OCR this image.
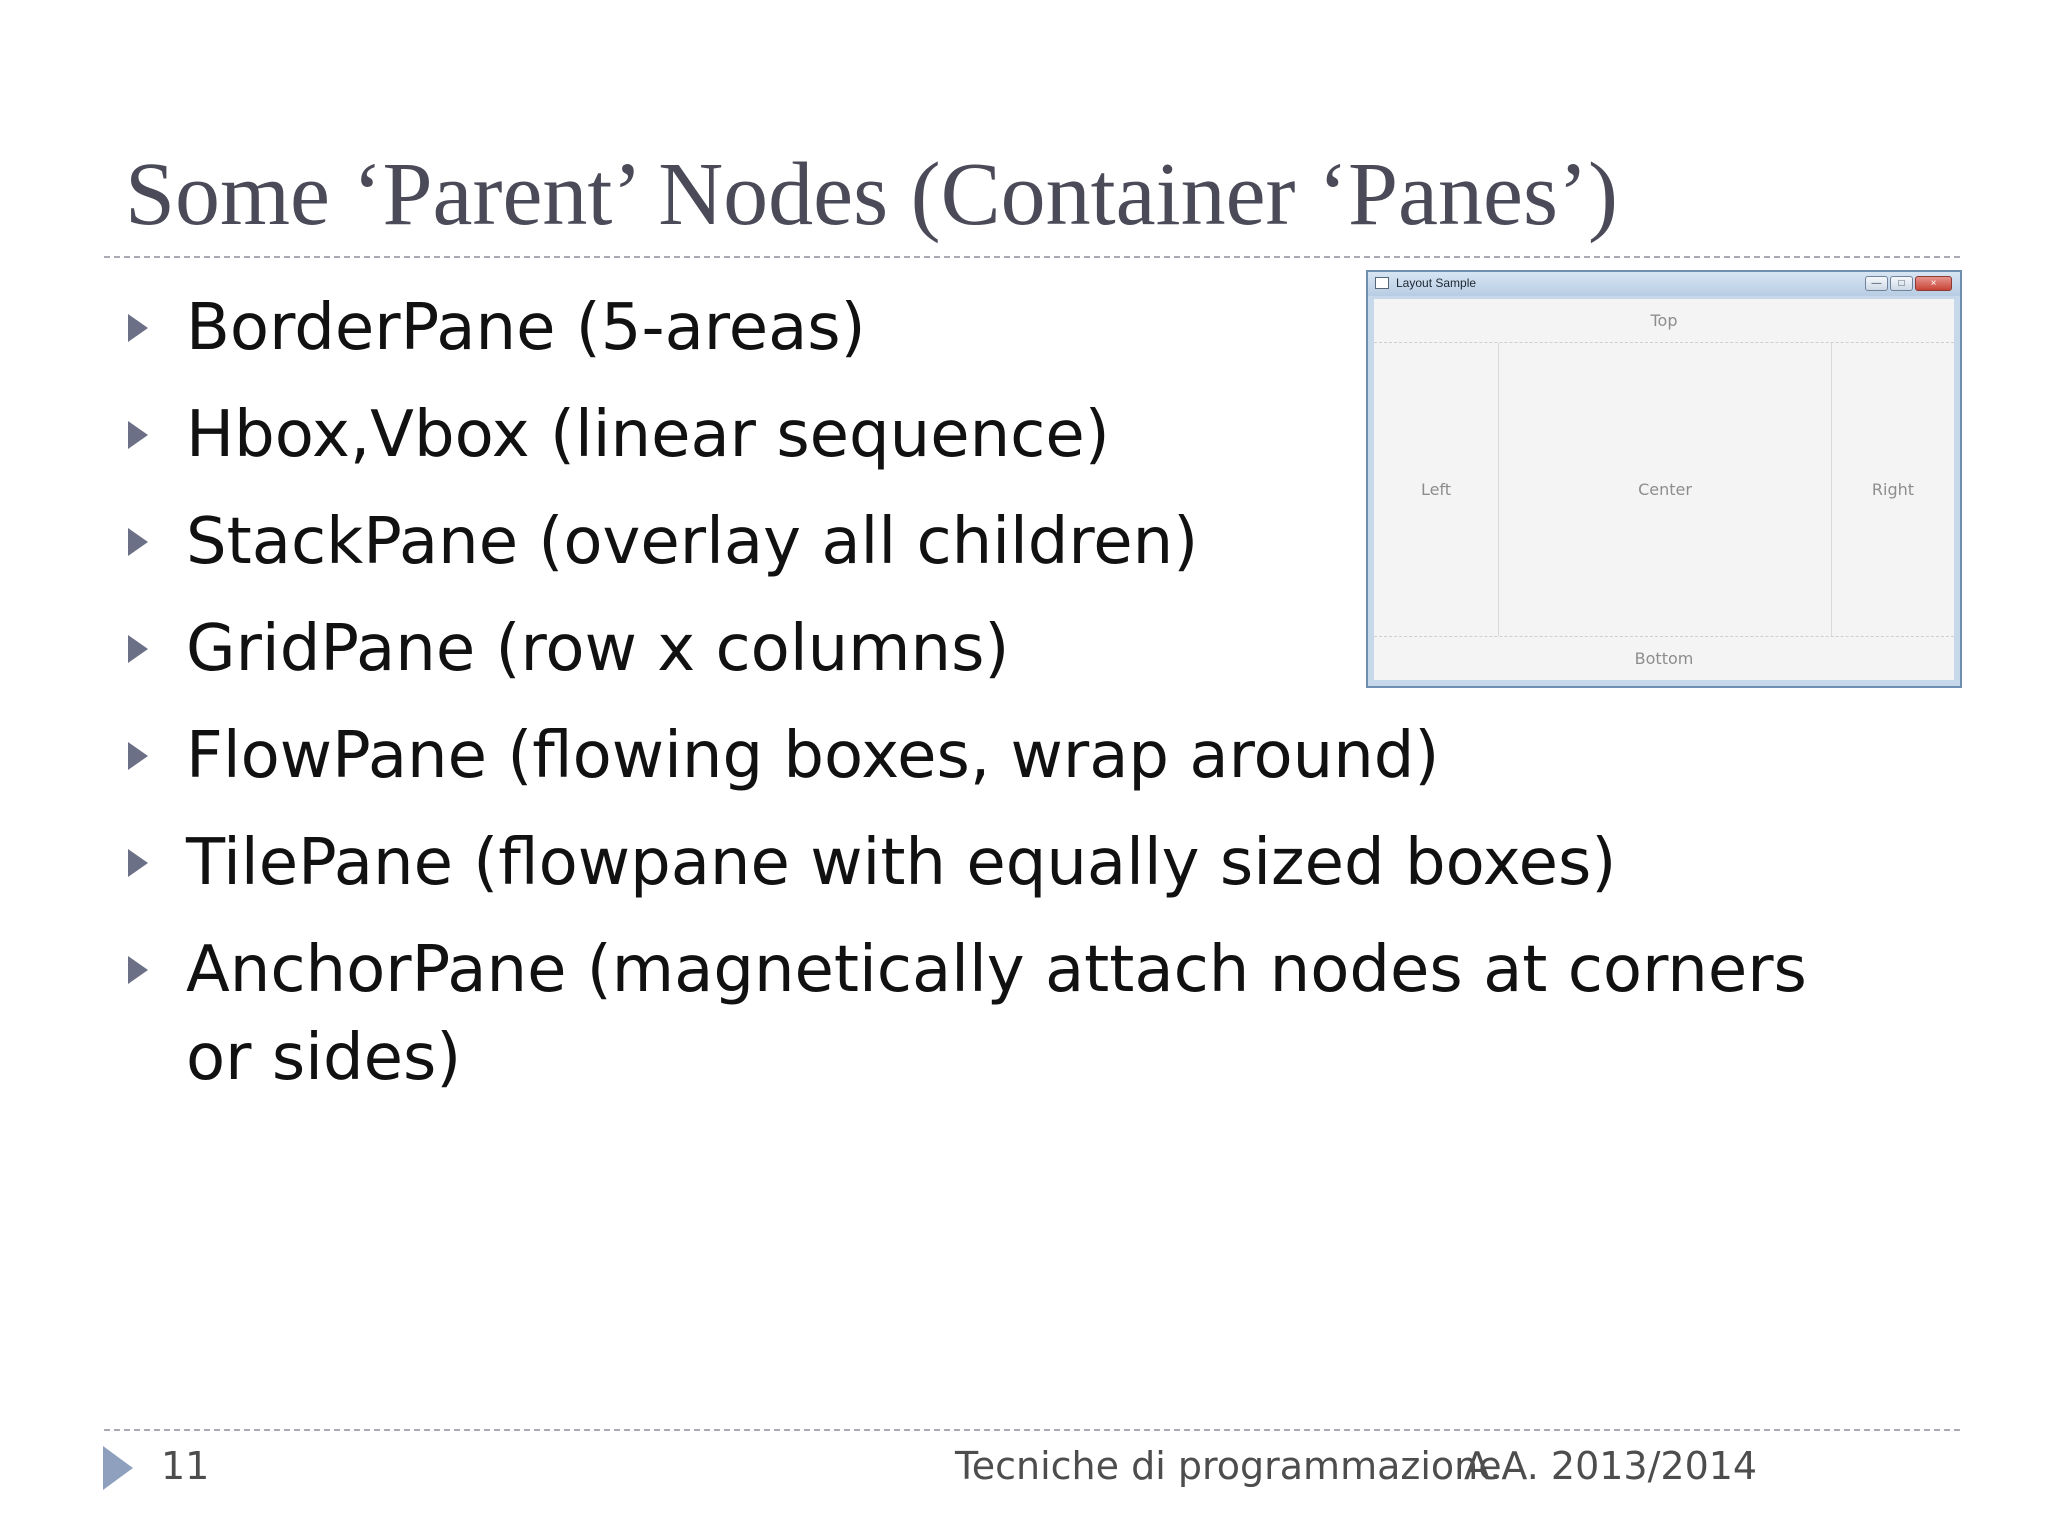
Some ‘Parent’ Nodes (Container ‘Panes’)
BorderPane (5-areas)
Hbox,Vbox (linear sequence)
StackPane (overlay all children)
GridPane (row x columns)
FlowPane (flowing boxes, wrap around)
TilePane (flowpane with equally sized boxes)
AnchorPane (magnetically attach nodes at corners or sides)
Layout Sample	—	□	×
Top
Left	Center	Right
Bottom
11	Tecniche di programmazione
A.A. 2013/2014
